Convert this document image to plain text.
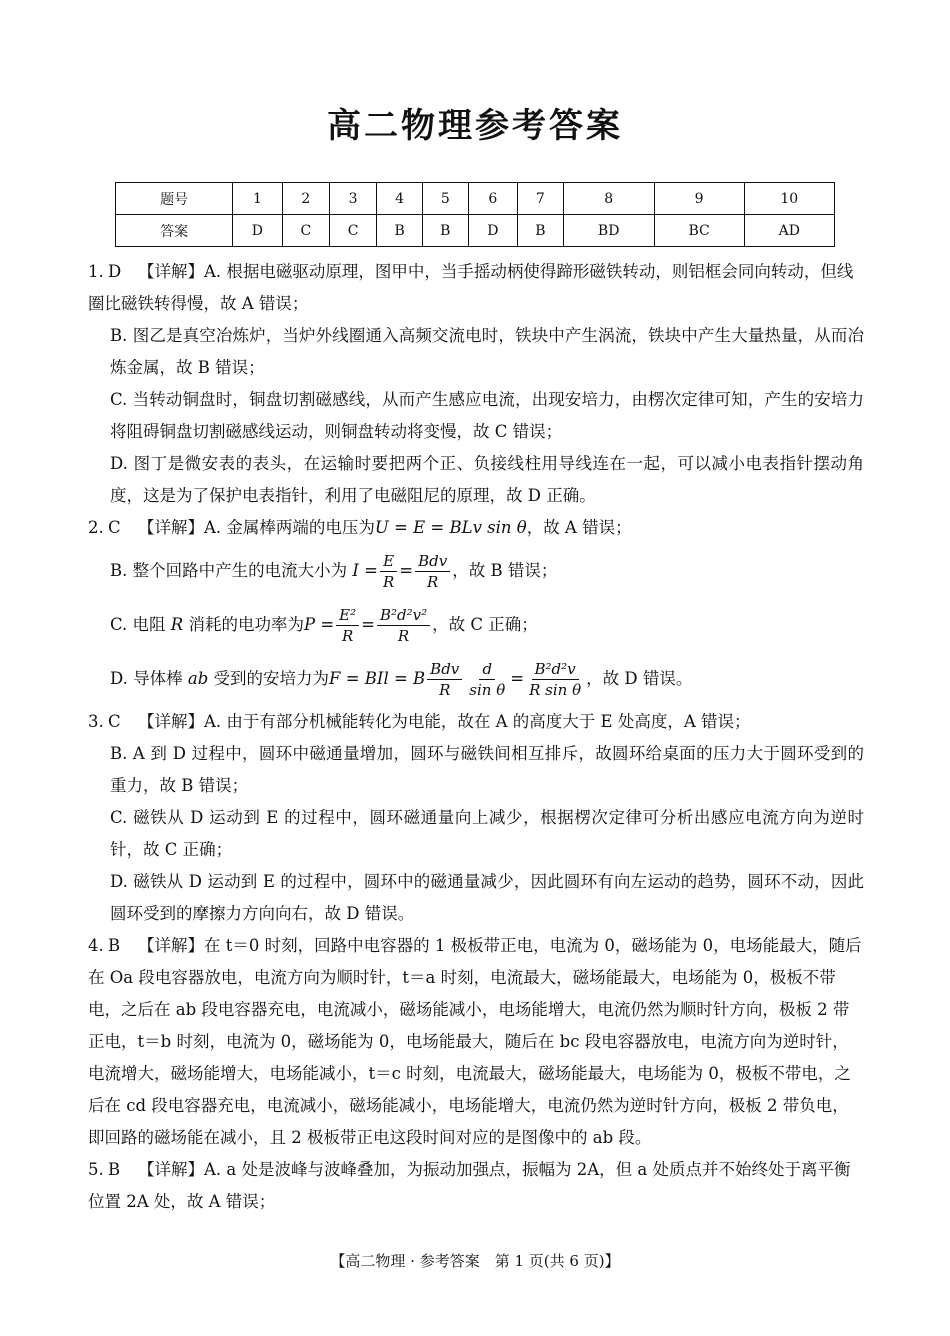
高二物理参考答案
题号	1	2	3	4	5	6	7	8	9	10
答案	D	C	C	B	B	D	B	BD	BC	AD

1. D 【详解】A. 根据电磁驱动原理，图甲中，当手摇动柄使得蹄形磁铁转动，则铝框会同向转动，但线圈比磁铁转得慢，故 A 错误；

B. 图乙是真空冶炼炉，当炉外线圈通入高频交流电时，铁块中产生涡流，铁块中产生大量热量，从而冶炼金属，故 B 错误；

C. 当转动铜盘时，铜盘切割磁感线，从而产生感应电流，出现安培力，由楞次定律可知，产生的安培力将阻碍铜盘切割磁感线运动，则铜盘转动将变慢，故 C 错误；

D. 图丁是微安表的表头，在运输时要把两个正、负接线柱用导线连在一起，可以减小电表指针摆动角度，这是为了保护电表指针，利用了电磁阻尼的原理，故 D 正确。

2. C 【详解】A. 金属棒两端的电压为U = E = BLv sin θ，故 A 错误；

B. 整个回路中产生的电流大小为
$I = \frac{E}{R} = \frac{\text{Bdv}}{R}$ ，故 B 错误；
C. 电阻
R
消耗的电功率为 $P = \frac{\text{E²}}{R} = \frac{\text{B²d²v²}}{R}$ ，故 C 正确；
D. 导体棒
ab
受到的安培力为 F = BIl = B $\frac{\text{Bdv}}{R} \frac{d}{\text{sin θ}} = \frac{\text{B²d²v}}{\text{R sin θ}}$ ，故 D 错误。

3. C 【详解】A. 由于有部分机械能转化为电能，故在 A 的高度大于 E 处高度，A 错误；

B. A 到 D 过程中，圆环中磁通量增加，圆环与磁铁间相互排斥，故圆环给桌面的压力大于圆环受到的重力，故 B 错误；

C. 磁铁从 D 运动到 E 的过程中，圆环磁通量向上减少，根据楞次定律可分析出感应电流方向为逆时针，故 C 正确；

D. 磁铁从 D 运动到 E 的过程中，圆环中的磁通量减少，因此圆环有向左运动的趋势，圆环不动，因此圆环受到的摩擦力方向向右，故 D 错误。

4. B 【详解】在 t＝0 时刻，回路中电容器的 1 极板带正电，电流为 0，磁场能为 0，电场能最大，随后在 Oa 段电容器放电，电流方向为顺时针，t＝a 时刻，电流最大，磁场能最大，电场能为 0，极板不带电，之后在 ab 段电容器充电，电流减小，磁场能减小，电场能增大，电流仍然为顺时针方向，极板 2 带正电，t＝b 时刻，电流为 0，磁场能为 0，电场能最大，随后在 bc 段电容器放电，电流方向为逆时针，电流增大，磁场能增大，电场能减小，t＝c 时刻，电流最大，磁场能最大，电场能为 0，极板不带电，之后在 cd 段电容器充电，电流减小，磁场能减小，电场能增大，电流仍然为逆时针方向，极板 2 带负电，即回路的磁场能在减小，且 2 极板带正电这段时间对应的是图像中的 ab 段。

5. B 【详解】A. a 处是波峰与波峰叠加，为振动加强点，振幅为 2A，但 a 处质点并不始终处于离平衡位置 2A 处，故 A 错误；

【高二物理 · 参考答案　第 1 页(共 6 页)】
